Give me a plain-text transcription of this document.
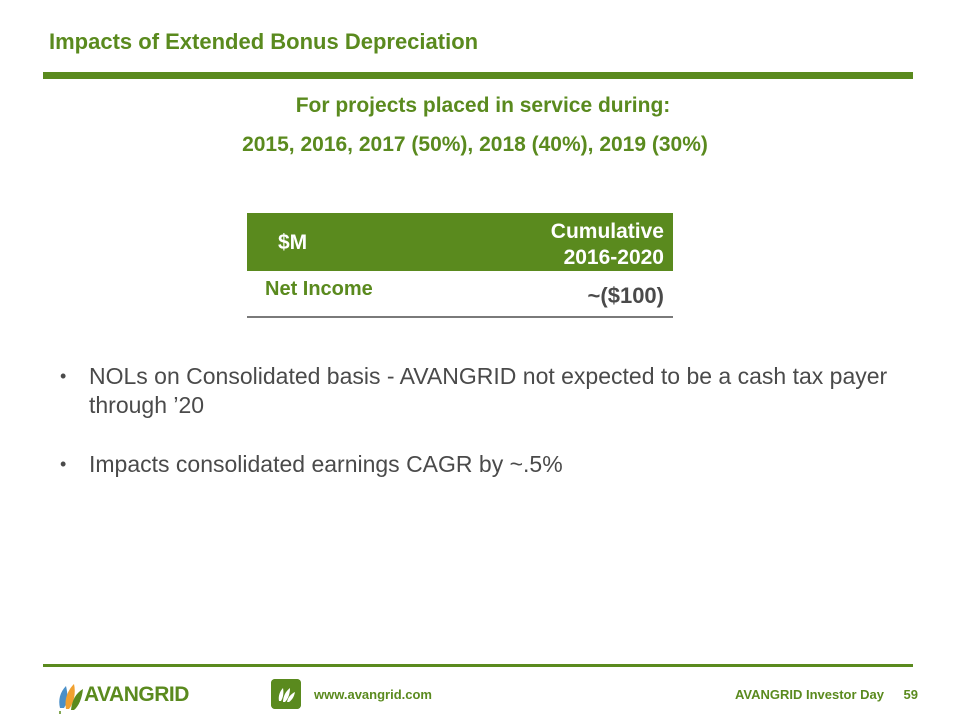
Impacts of Extended Bonus Depreciation
For projects placed in service during:
2015, 2016, 2017 (50%), 2018 (40%), 2019 (30%)
$M	Cumulative
2016-2020
Net Income	~($100)
• NOLs on Consolidated basis - AVANGRID not expected to be a cash tax payer through ’20
• Impacts consolidated earnings CAGR by ~.5%
AVANGRID	www.avangrid.com	AVANGRID Investor Day 59
